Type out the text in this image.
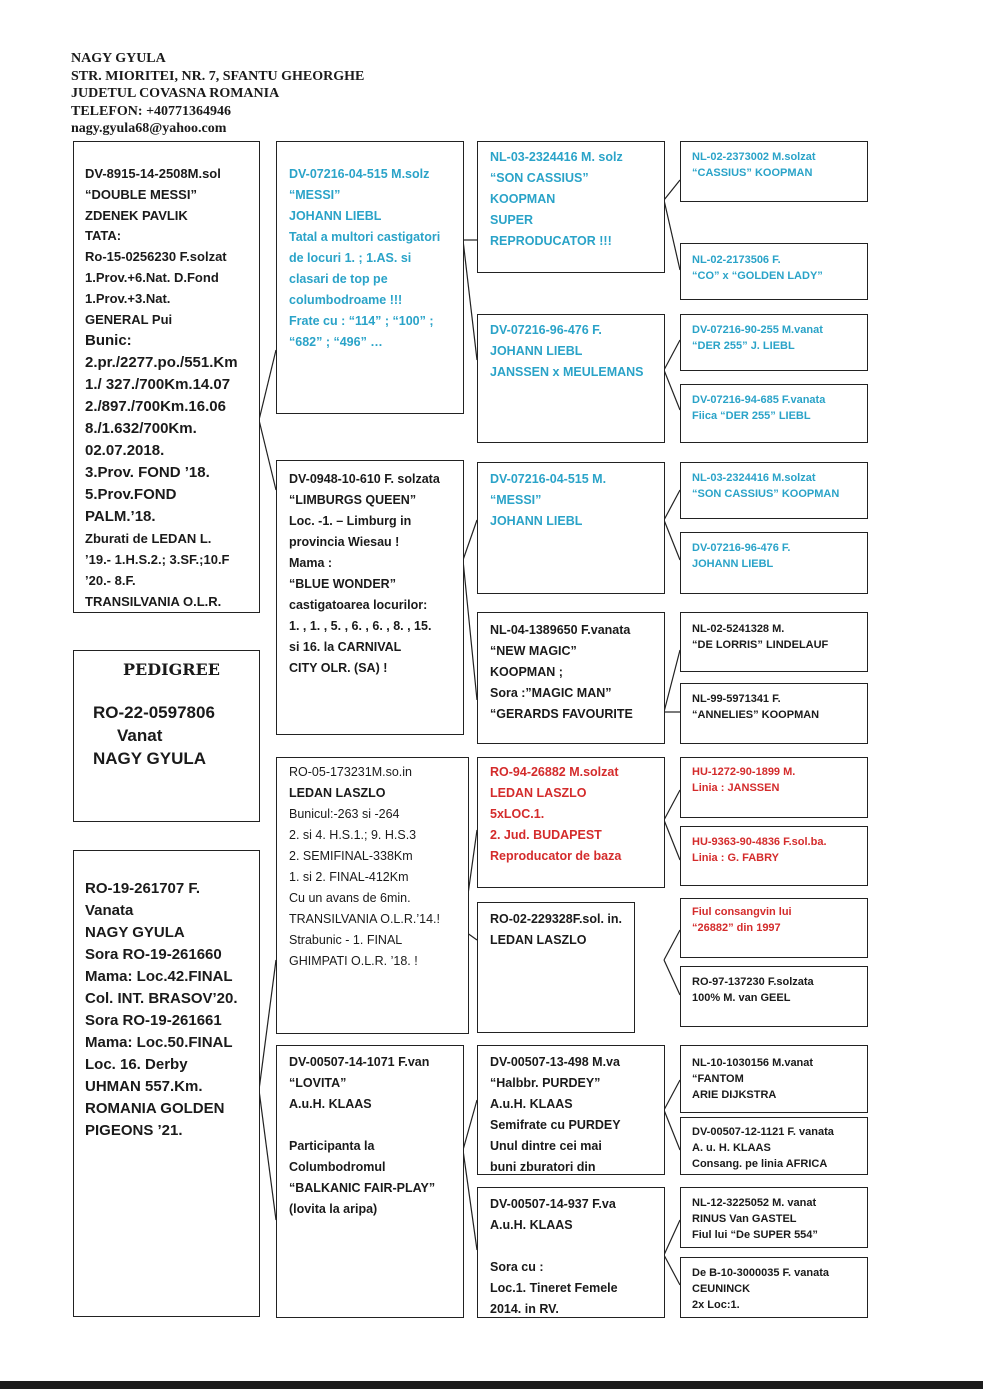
NAGY GYULA
STR. MIORITEI, NR. 7, SFANTU GHEORGHE
JUDETUL COVASNA ROMANIA
TELEFON: +40771364946
nagy.gyula68@yahoo.com
DV-8915-14-2508M.sol
“DOUBLE MESSI”
ZDENEK PAVLIK
TATA:
Ro-15-0256230 F.solzat
1.Prov.+6.Nat. D.Fond
1.Prov.+3.Nat.
GENERAL Pui
Bunic:
2.pr./2277.po./551.Km
1./ 327./700Km.14.07
2./897./700Km.16.06
8./1.632/700Km.
02.07.2018.
3.Prov. FOND ’18.
5.Prov.FOND
PALM.’18.
Zburati de LEDAN L.
’19.- 1.H.S.2.; 3.SF.;10.F
’20.- 8.F.
TRANSILVANIA O.L.R.
PEDIGREE
RO-22-0597806
Vanat
NAGY GYULA
RO-19-261707 F.
Vanata
NAGY GYULA
Sora RO-19-261660
Mama: Loc.42.FINAL
Col. INT. BRASOV’20.
Sora RO-19-261661
Mama: Loc.50.FINAL
Loc. 16. Derby
UHMAN 557.Km.
ROMANIA GOLDEN
PIGEONS ’21.
DV-07216-04-515 M.solz
“MESSI”
JOHANN LIEBL
Tatal a multori castigatori
de locuri 1. ; 1.AS. si
clasari de top pe
columbodroame !!!
Frate cu : “114” ; “100” ;
“682” ; “496” …
DV-0948-10-610 F. solzata
“LIMBURGS QUEEN”
Loc. -1. – Limburg in
provincia Wiesau !
Mama :
“BLUE WONDER”
castigatoarea locurilor:
1. , 1. , 5. , 6. , 6. , 8. , 15.
si 16. la CARNIVAL
CITY OLR. (SA) !
RO-05-173231M.so.in
LEDAN LASZLO
Bunicul:-263 si -264
2. si 4. H.S.1.; 9. H.S.3
2. SEMIFINAL-338Km
1. si 2. FINAL-412Km
Cu un avans de 6min.
TRANSILVANIA O.L.R.’14.!
Strabunic - 1. FINAL
GHIMPATI O.L.R. ’18. !
DV-00507-14-1071 F.van
“LOVITA”
A.u.H. KLAAS
Participanta la
Columbodromul
“BALKANIC FAIR-PLAY”
(lovita la aripa)
NL-03-2324416 M. solz
“SON CASSIUS”
KOOPMAN
SUPER
REPRODUCATOR !!!
DV-07216-96-476 F.
JOHANN LIEBL
JANSSEN x MEULEMANS
DV-07216-04-515 M.
“MESSI”
JOHANN LIEBL
NL-04-1389650 F.vanata
“NEW MAGIC”
KOOPMAN ;
Sora :”MAGIC MAN”
“GERARDS FAVOURITE
RO-94-26882 M.solzat
LEDAN LASZLO
5xLOC.1.
2. Jud. BUDAPEST
Reproducator de baza
RO-02-229328F.sol. in.
LEDAN LASZLO
DV-00507-13-498 M.va
“Halbbr. PURDEY”
A.u.H. KLAAS
Semifrate cu PURDEY
Unul dintre cei mai
buni zburatori din
DV-00507-14-937 F.va
A.u.H. KLAAS
Sora cu :
Loc.1. Tineret Femele
2014. in RV.
NL-02-2373002 M.solzat
“CASSIUS” KOOPMAN
NL-02-2173506 F.
“CO” x “GOLDEN LADY”
DV-07216-90-255 M.vanat
“DER 255” J. LIEBL
DV-07216-94-685 F.vanata
Fiica “DER 255” LIEBL
NL-03-2324416 M.solzat
“SON CASSIUS” KOOPMAN
DV-07216-96-476 F.
JOHANN LIEBL
NL-02-5241328 M.
“DE LORRIS” LINDELAUF
NL-99-5971341 F.
“ANNELIES” KOOPMAN
HU-1272-90-1899 M.
Linia : JANSSEN
HU-9363-90-4836 F.sol.ba.
Linia : G. FABRY
Fiul consangvin lui
“26882” din 1997
RO-97-137230 F.solzata
100% M. van GEEL
NL-10-1030156 M.vanat
“FANTOM
ARIE DIJKSTRA
DV-00507-12-1121 F. vanata
A. u. H. KLAAS
Consang. pe linia AFRICA
NL-12-3225052 M. vanat
RINUS Van GASTEL
Fiul lui “De SUPER 554”
De B-10-3000035 F. vanata
CEUNINCK
2x Loc:1.
